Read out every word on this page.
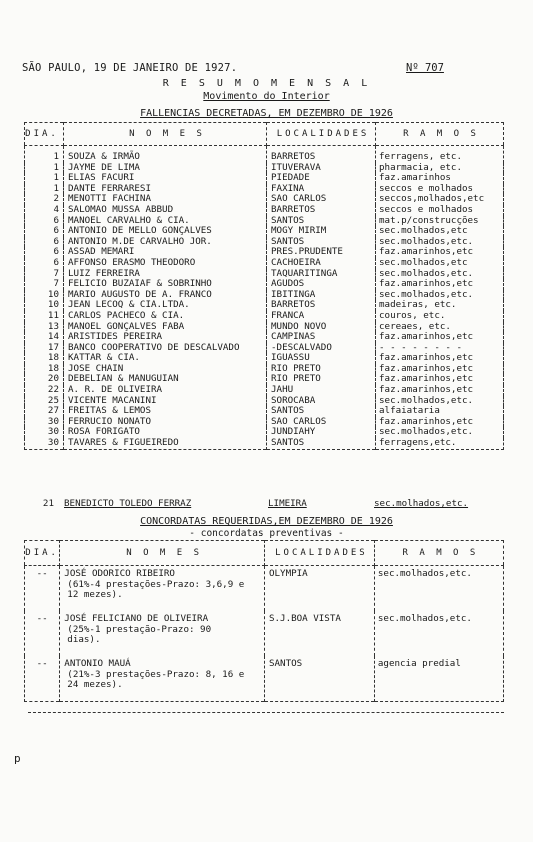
SÃO PAULO, 19 DE JANEIRO DE 1927.	Nº 707
R E S U M O M E N S A L
Movimento do Interior
FALLENCIAS DECRETADAS, EM DEZEMBRO DE 1926
DIA.	N O M E S	LOCALIDADES	R A M O S
1	SOUZA & IRMÃO	BARRETOS	ferragens, etc.
1	JAYME DE LIMA	ITUVERAVA	pharmacia, etc.
1	ELIAS FACURI	PIEDADE	faz.amarinhos
1	DANTE FERRARESI	FAXINA	seccos e molhados
2	MENOTTI FACHINA	SÃO CARLOS	seccos,molhados,etc
4	SALOMÃO MUSSA ABBUD	BARRETOS	seccos e molhados
6	MANOEL CARVALHO & CIA.	SANTOS	mat.p/construcções
6	ANTONIO DE MELLO GONÇALVES	MOGY MIRIM	sec.molhados,etc
6	ANTONIO M.DE CARVALHO JOR.	SANTOS	sec.molhados,etc.
6	ASSAD MEMARI	PRES.PRUDENTE	faz.amarinhos,etc
6	AFFONSO ERASMO THEODORO	CACHOEIRA	sec.molhados,etc
7	LUIZ FERREIRA	TAQUARITINGA	sec.molhados,etc.
7	FELICIO BUZAIAF & SOBRINHO	AGUDOS	faz.amarinhos,etc
10	MARIO AUGUSTO DE A. FRANCO	IBITINGA	sec.molhados,etc.
10	JEAN LECOQ & CIA.LTDA.	BARRETOS	madeiras, etc.
11	CARLOS PACHECO & CIA.	FRANCA	couros, etc.
13	MANOEL GONÇALVES FABA	MUNDO NOVO	cereaes, etc.
14	ARISTIDES PEREIRA	CAMPINAS	faz.amarinhos,etc
17	BANCO COOPERATIVO DE DESCALVADO	-DESCALVADO	- - - - - - - -
18	KATTAR & CIA.	IGUASSU	faz.amarinhos,etc
18	JOSÉ CHAIN	RIO PRETO	faz.amarinhos,etc
20	DEBELIAN & MANUGUIAN	RIO PRETO	faz.amarinhos,etc
22	A. R. DE OLIVEIRA	JAHÚ	faz.amarinhos,etc
25	VICENTE MACANINI	SOROCABA	sec.molhados,etc.
27	FREITAS & LEMOS	SANTOS	alfaiataria
30	FERRUCIO NONATO	SÃO CARLOS	faz.amarinhos,etc
30	ROSA FORIGATO	JUNDIAHY	sec.molhados,etc.
30	TAVARES & FIGUEIREDO	SANTOS	ferragens,etc.
21 BENEDICTO TOLEDO FERRAZ	LIMEIRA	sec.molhados,etc.
CONCORDATAS REQUERIDAS,EM DEZEMBRO DE 1926
- concordatas preventivas -
DIA.	N O M E S	LOCALIDADES	R A M O S
--	JOSÉ ODORICO RIBEIRO
(61%-4 prestações-Prazo: 3,6,9 e 12 mezes).	OLYMPIA	sec.molhados,etc.
--	JOSÉ FELICIANO DE OLIVEIRA
(25%-1 prestação-Prazo: 90 dias).	S.J.BOA VISTA	sec.molhados,etc.
--	ANTONIO MAUÁ
(21%-3 prestações-Prazo: 8, 16 e 24 mezes).	SANTOS	agencia predial
p
